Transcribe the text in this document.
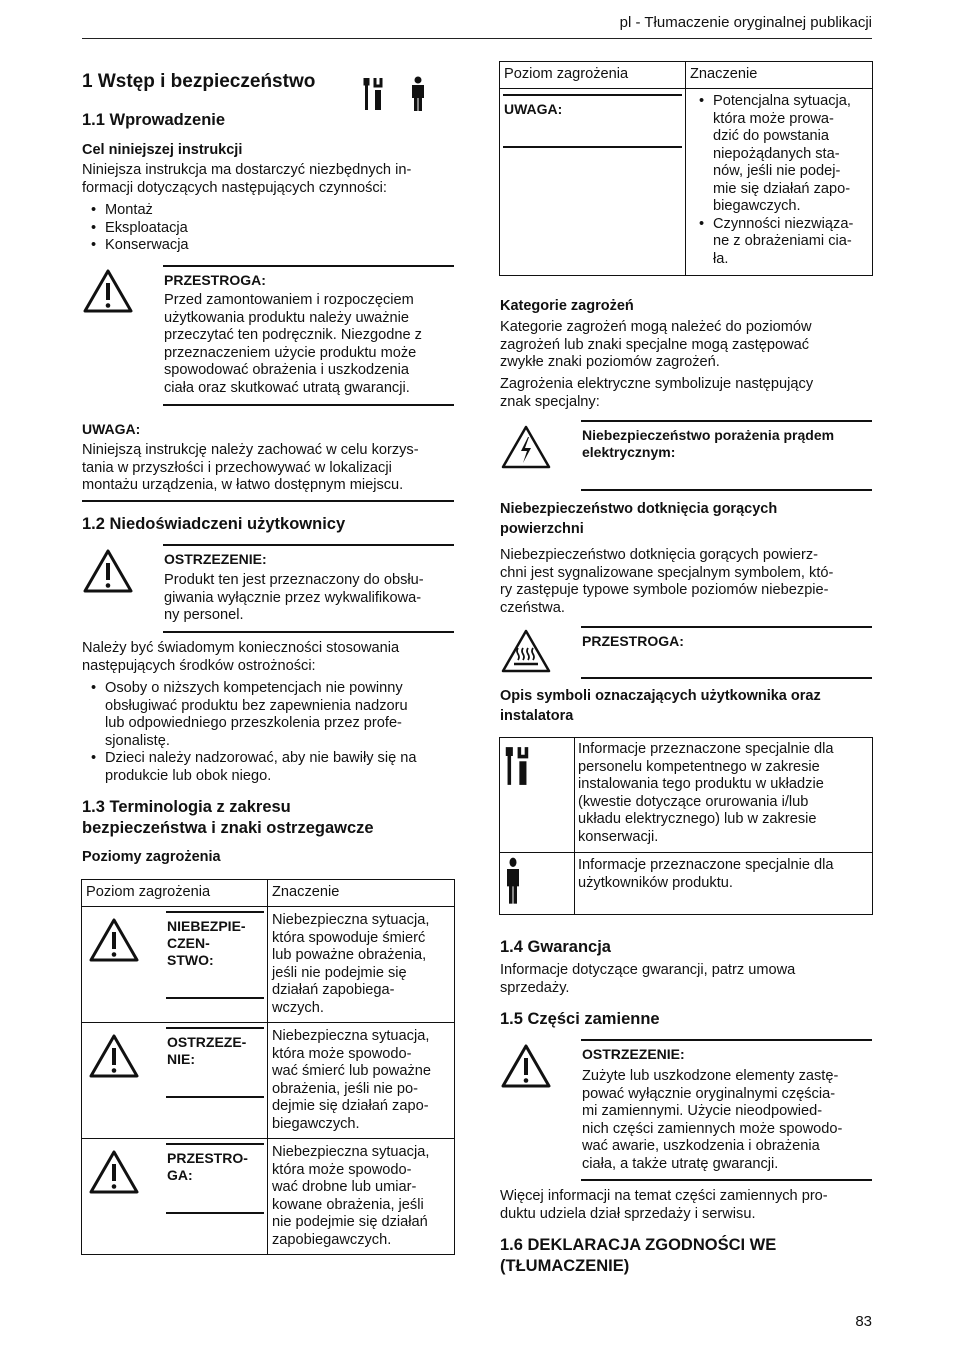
pl - Tłumaczenie oryginalnej publikacji
1 Wstęp i bezpieczeństwo
1.1 Wprowadzenie
Cel niniejszej instrukcji
Niniejsza instrukcja ma dostarczyć niezbędnych in-
formacji dotyczących następujących czynności:
• Montaż
• Eksploatacja
• Konserwacja
PRZESTROGA:
Przed zamontowaniem i rozpoczęciem
użytkowania produktu należy uważnie
przeczytać ten podręcznik. Niezgodne z
przeznaczeniem użycie produktu może
spowodować obrażenia i uszkodzenia
ciała oraz skutkować utratą gwarancji.
UWAGA:
Niniejszą instrukcję należy zachować w celu korzys-
tania w przyszłości i przechowywać w lokalizacji
montażu urządzenia, w łatwo dostępnym miejscu.
1.2 Niedoświadczeni użytkownicy
OSTRZEZENIE:
Produkt ten jest przeznaczony do obsłu-
giwania wyłącznie przez wykwalifikowa-
ny personel.
Należy być świadomym konieczności stosowania
następujących środków ostrożności:
• Osoby o niższych kompetencjach nie powinny
obsługiwać produktu bez zapewnienia nadzoru
lub odpowiedniego przeszkolenia przez profe-
sjonalistę.
• Dzieci należy nadzorować, aby nie bawiły się na
produkcie lub obok niego.
1.3 Terminologia z zakresu
bezpieczeństwa i znaki ostrzegawcze
Poziomy zagrożenia
Poziom zagrożenia	Znaczenie
NIEBEZPIE-
CZEN-
STWO:
Niebezpieczna sytuacja,
która spowoduje śmierć
lub poważne obrażenia,
jeśli nie podejmie się
działań zapobiega-
wczych.
OSTRZEZE-
NIE:
Niebezpieczna sytuacja,
która może spowodo-
wać śmierć lub poważne
obrażenia, jeśli nie po-
dejmie się działań zapo-
biegawczych.
PRZESTRO-
GA:
Niebezpieczna sytuacja,
która może spowodo-
wać drobne lub umiar-
kowane obrażenia, jeśli
nie podejmie się działań
zapobiegawczych.
Poziom zagrożenia	Znaczenie
UWAGA:
•	Potencjalna sytuacja,
która może prowa-
dzić do powstania
niepożądanych sta-
nów, jeśli nie podej-
mie się działań zapo-
biegawczych.
• Czynności niezwiąza-
ne z obrażeniami cia-
ła.
Kategorie zagrożeń
Kategorie zagrożeń mogą należeć do poziomów
zagrożeń lub znaki specjalne mogą zastępować
zwykłe znaki poziomów zagrożeń.
Zagrożenia elektryczne symbolizuje następujący
znak specjalny:
Niebezpieczeństwo porażenia prądem
elektrycznym:
Niebezpieczeństwo dotknięcia gorących
powierzchni
Niebezpieczeństwo dotknięcia gorących powierz-
chni jest sygnalizowane specjalnym symbolem, któ-
ry zastępuje typowe symbole poziomów niebezpie-
czeństwa.
PRZESTROGA:
Opis symboli oznaczających użytkownika oraz
instalatora
Informacje przeznaczone specjalnie dla
personelu kompetentnego w zakresie
instalowania tego produktu w układzie
(kwestie dotyczące orurowania i/lub
układu elektrycznego) lub w zakresie
konserwacji.
Informacje przeznaczone specjalnie dla
użytkowników produktu.
1.4 Gwarancja
Informacje dotyczące gwarancji, patrz umowa
sprzedaży.
1.5 Części zamienne
OSTRZEZENIE:
Zużyte lub uszkodzone elementy zastę-
pować wyłącznie oryginalnymi częścia-
mi zamiennymi. Użycie nieodpowied-
nich części zamiennych może spowodo-
wać awarie, uszkodzenia i obrażenia
ciała, a także utratę gwarancji.
Więcej informacji na temat części zamiennych pro-
duktu udziela dział sprzedaży i serwisu.
1.6 DEKLARACJA ZGODNOŚCI WE
(TŁUMACZENIE)
83
